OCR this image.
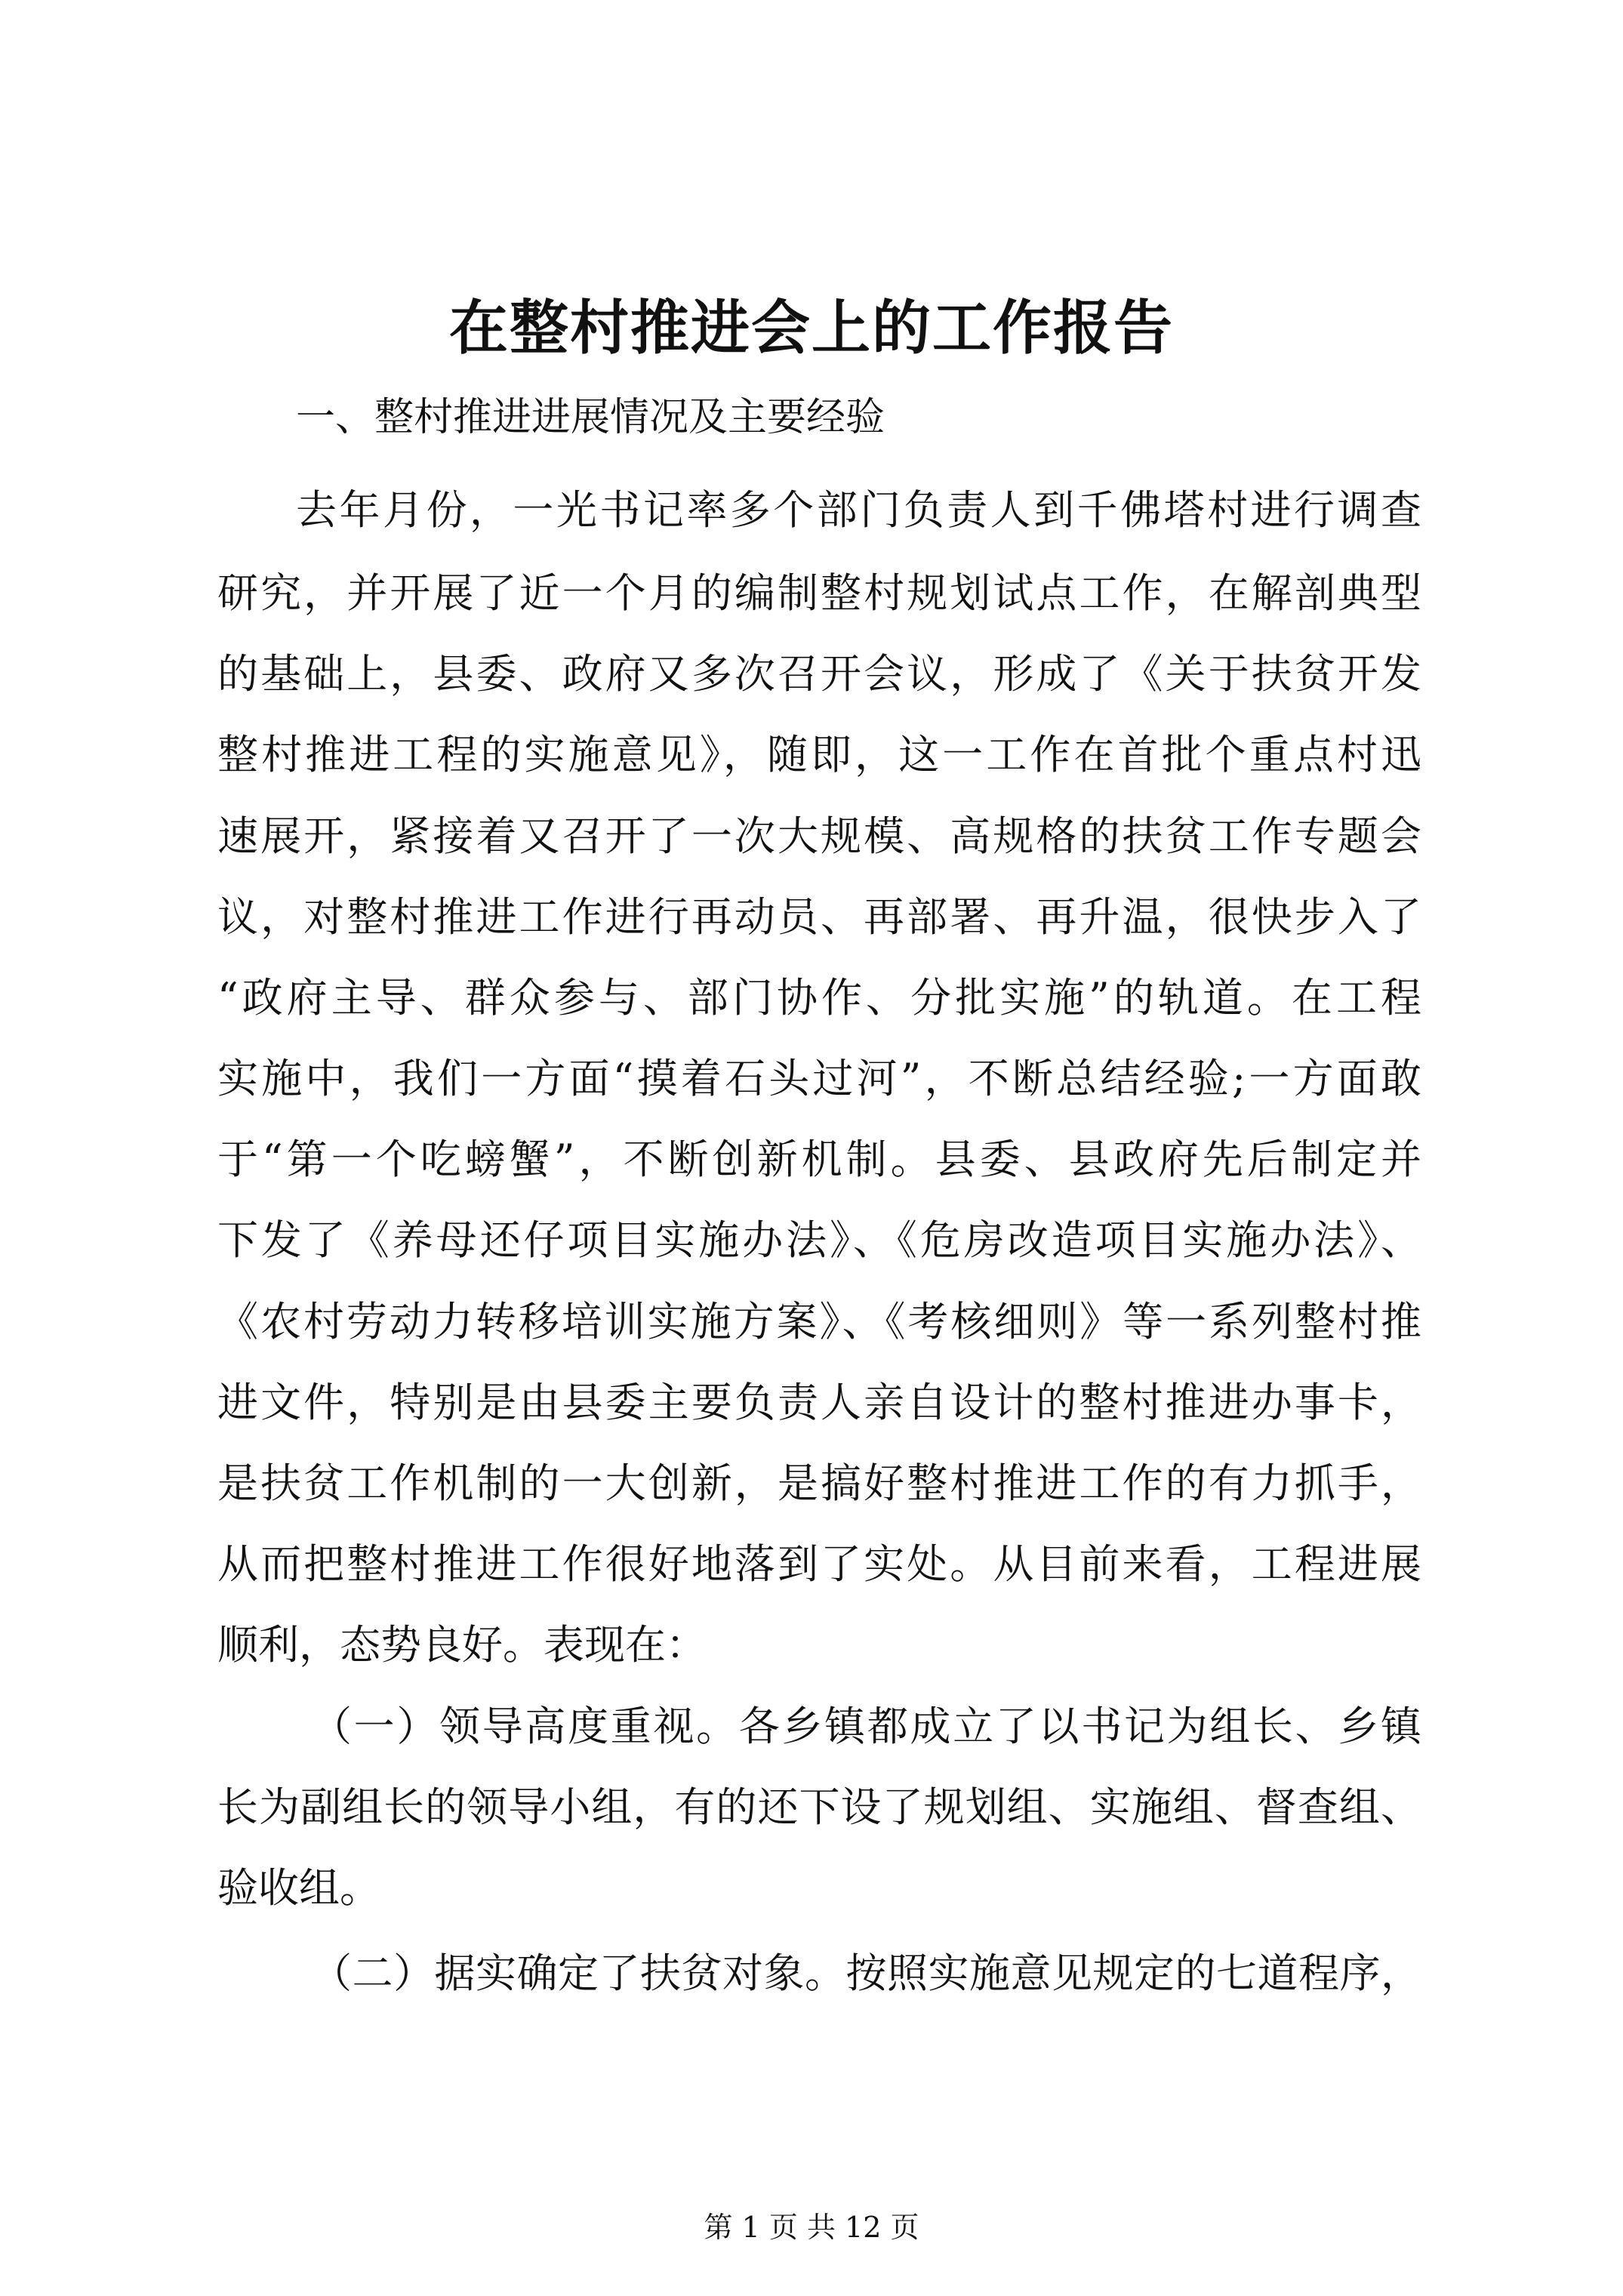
在整村推进会上的工作报告
一、整村推进进展情况及主要经验
去年月份，一光书记率多个部门负责人到千佛塔村进行调查
研究，并开展了近一个月的编制整村规划试点工作，在解剖典型
的基础上，县委、政府又多次召开会议，形成了《关于扶贫开发
整村推进工程的实施意见》，随即，这一工作在首批个重点村迅
速展开，紧接着又召开了一次大规模、高规格的扶贫工作专题会
议，对整村推进工作进行再动员、再部署、再升温，很快步入了
“政府主导、群众参与、部门协作、分批实施”的轨道。在工程
实施中，我们一方面“摸着石头过河”，不断总结经验;一方面敢
于“第一个吃螃蟹”，不断创新机制。县委、县政府先后制定并
下发了《养母还仔项目实施办法》、《危房改造项目实施办法》、
《农村劳动力转移培训实施方案》、《考核细则》等一系列整村推
进文件，特别是由县委主要负责人亲自设计的整村推进办事卡，
是扶贫工作机制的一大创新，是搞好整村推进工作的有力抓手，
从而把整村推进工作很好地落到了实处。从目前来看，工程进展
顺利，态势良好。表现在：
（一）领导高度重视。各乡镇都成立了以书记为组长、乡镇
长为副组长的领导小组，有的还下设了规划组、实施组、督查组、
验收组。
（二）据实确定了扶贫对象。按照实施意见规定的七道程序，
第 1 页 共 12 页
